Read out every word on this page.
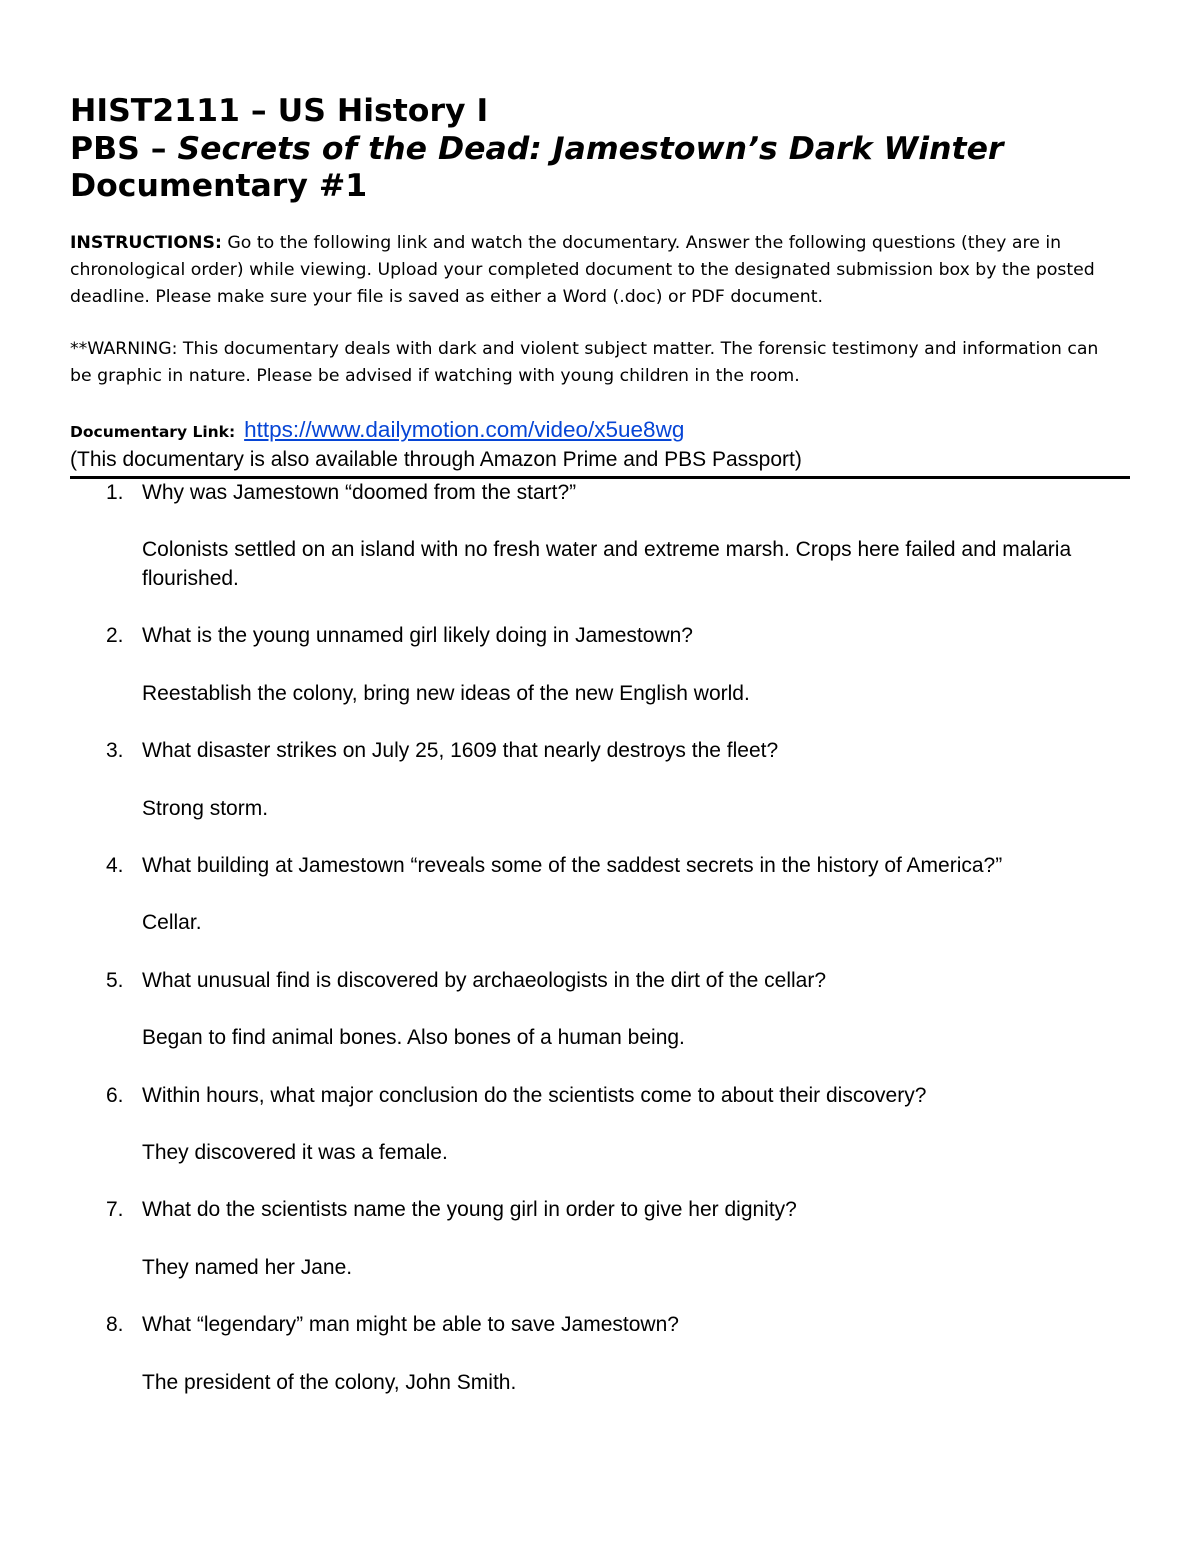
HIST2111 – US History I
PBS – Secrets of the Dead: Jamestown’s Dark Winter
Documentary #1
INSTRUCTIONS: Go to the following link and watch the documentary. Answer the following questions (they are in
chronological order) while viewing. Upload your completed document to the designated submission box by the posted
deadline. Please make sure your file is saved as either a Word (.doc) or PDF document.
**WARNING: This documentary deals with dark and violent subject matter. The forensic testimony and information can
be graphic in nature. Please be advised if watching with young children in the room.
Documentary Link: https://www.dailymotion.com/video/x5ue8wg
(This documentary is also available through Amazon Prime and PBS Passport)
1. Why was Jamestown “doomed from the start?”
Colonists settled on an island with no fresh water and extreme marsh. Crops here failed and malaria flourished.
2. What is the young unnamed girl likely doing in Jamestown?
Reestablish the colony, bring new ideas of the new English world.
3. What disaster strikes on July 25, 1609 that nearly destroys the fleet?
Strong storm.
4. What building at Jamestown “reveals some of the saddest secrets in the history of America?”
Cellar.
5. What unusual find is discovered by archaeologists in the dirt of the cellar?
Began to find animal bones. Also bones of a human being.
6. Within hours, what major conclusion do the scientists come to about their discovery?
They discovered it was a female.
7. What do the scientists name the young girl in order to give her dignity?
They named her Jane.
8. What “legendary” man might be able to save Jamestown?
The president of the colony, John Smith.
